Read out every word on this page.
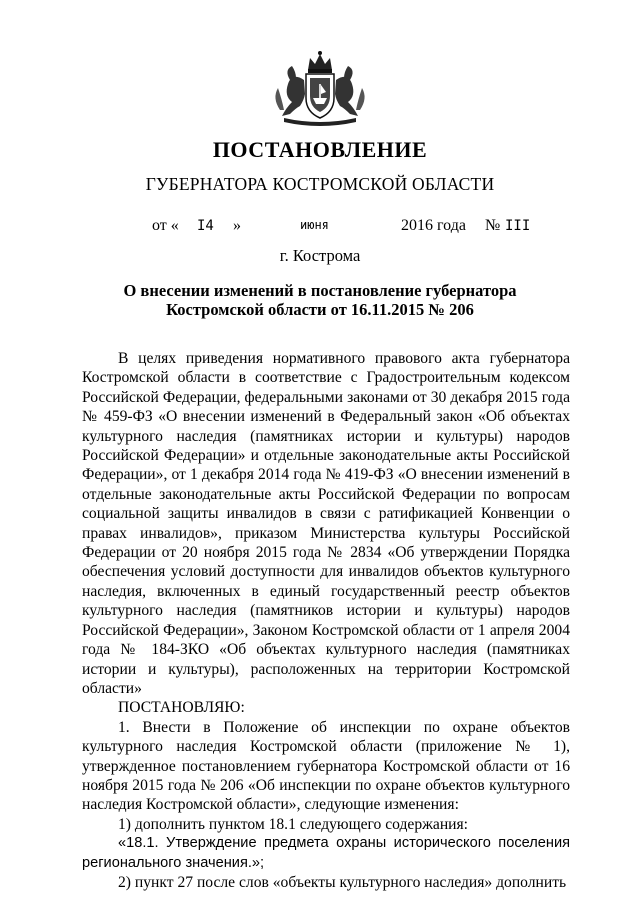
ПОСТАНОВЛЕНИЕ
ГУБЕРНАТОРА КОСТРОМСКОЙ ОБЛАСТИ
от « I4 »	июня	2016 года № III
г. Кострома
О внесении изменений в постановление губернатора
Костромской области от 16.11.2015 № 206

В целях приведения нормативного правового акта губернатора Костромской области в соответствие с Градостроительным кодексом Российской Федерации, федеральными законами от 30 декабря 2015 года № 459-ФЗ «О внесении изменений в Федеральный закон «Об объектах культурного наследия (памятниках истории и культуры) народов Российской Федерации» и отдельные законодательные акты Российской Федерации», от 1 декабря 2014 года № 419-ФЗ «О внесении изменений в отдельные законодательные акты Российской Федерации по вопросам социальной защиты инвалидов в связи с ратификацией Конвенции о правах инвалидов», приказом Министерства культуры Российской Федерации от 20 ноября 2015 года № 2834 «Об утверждении Порядка обеспечения условий доступности для инвалидов объектов культурного наследия, включенных в единый государственный реестр объектов культурного наследия (памятников истории и культуры) народов Российской Федерации», Законом Костромской области от 1 апреля 2004 года № 184-ЗКО «Об объектах культурного наследия (памятниках истории и культуры), расположенных на территории Костромской области»

ПОСТАНОВЛЯЮ:

1. Внести в Положение об инспекции по охране объектов культурного наследия Костромской области (приложение № 1), утвержденное постановлением губернатора Костромской области от 16 ноября 2015 года № 206 «Об инспекции по охране объектов культурного наследия Костромской области», следующие изменения:

1) дополнить пунктом 18.1 следующего содержания:

«18.1. Утверждение предмета охраны исторического поселения регионального значения.»;

2) пункт 27 после слов «объекты культурного наследия» дополнить
